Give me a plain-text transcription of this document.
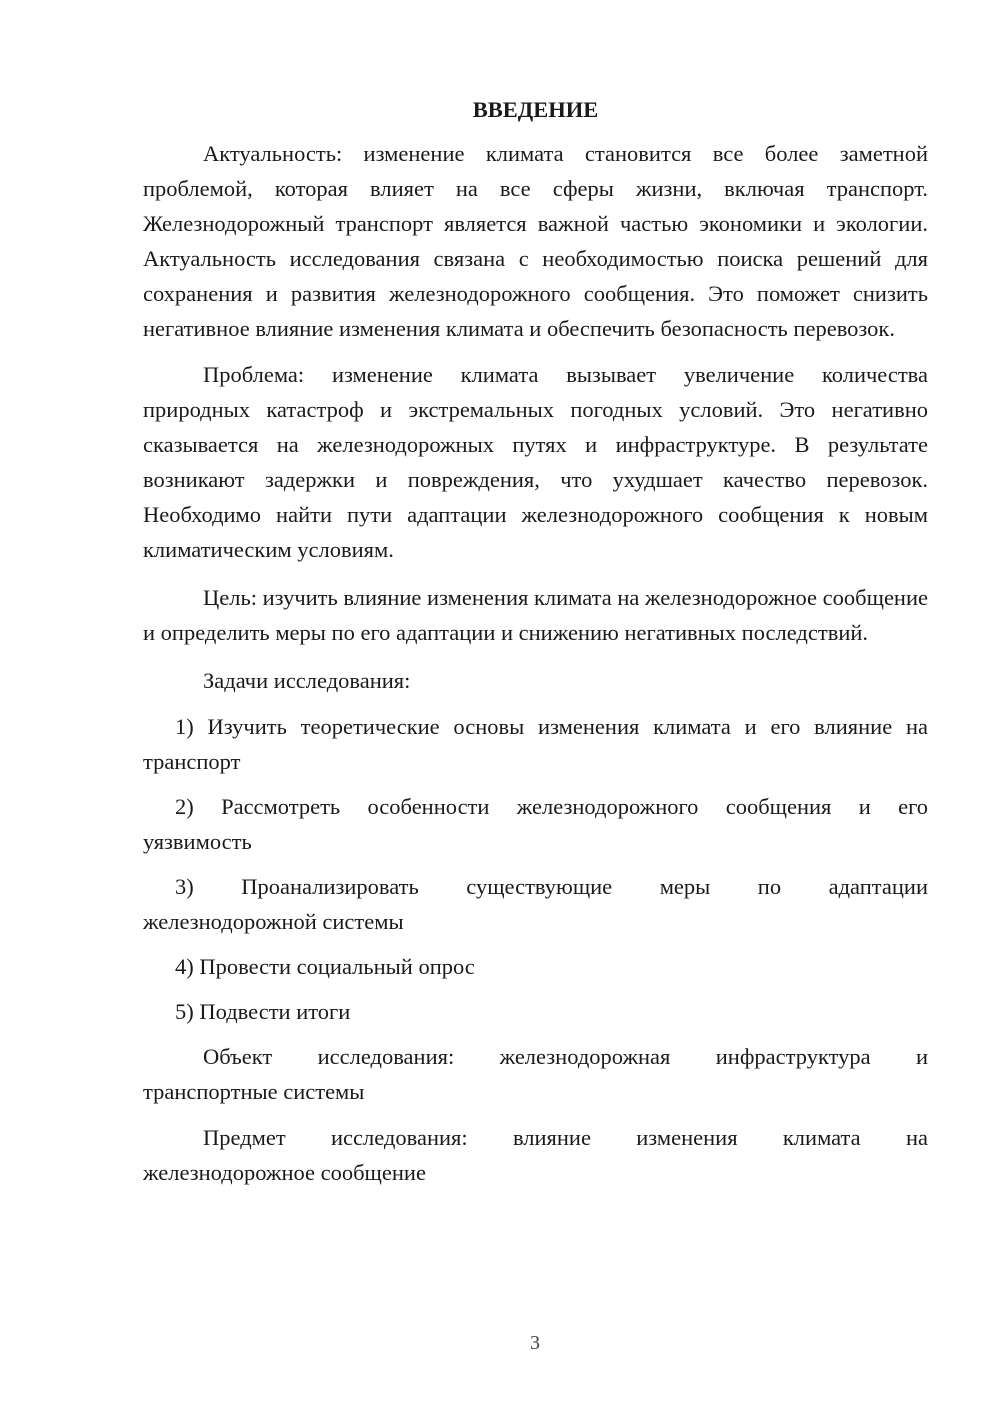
ВВЕДЕНИЕ

Актуальность: изменение климата становится все более заметной проблемой, которая влияет на все сферы жизни, включая транспорт. Железнодорожный транспорт является важной частью экономики и экологии. Актуальность исследования связана с необходимостью поиска решений для сохранения и развития железнодорожного сообщения. Это поможет снизить негативное влияние изменения климата и обеспечить безопасность перевозок.

Проблема: изменение климата вызывает увеличение количества природных катастроф и экстремальных погодных условий. Это негативно сказывается на железнодорожных путях и инфраструктуре. В результате возникают задержки и повреждения, что ухудшает качество перевозок. Необходимо найти пути адаптации железнодорожного сообщения к новым климатическим условиям.

Цель: изучить влияние изменения климата на железнодорожное сообщение и определить меры по его адаптации и снижению негативных последствий.

Задачи исследования:

1) Изучить теоретические основы изменения климата и его влияние на
транспорт
2) Рассмотреть особенности железнодорожного сообщения и его
уязвимость
3) Проанализировать существующие меры по адаптации
железнодорожной системы
4) Провести социальный опрос
5) Подвести итоги
Объект исследования: железнодорожная инфраструктура и
транспортные системы
Предмет исследования: влияние изменения климата на
железнодорожное сообщение
3
